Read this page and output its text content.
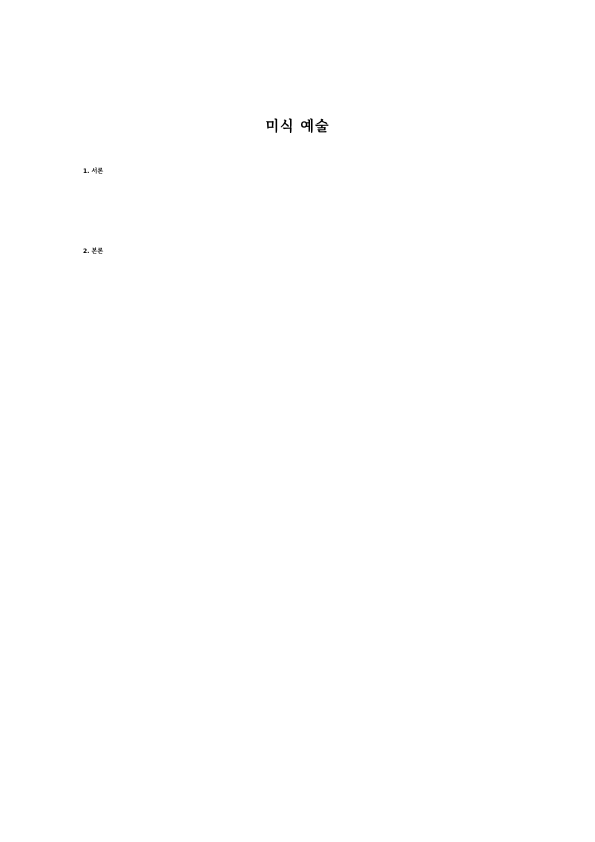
미식 예술

1. 서론

2. 본론
